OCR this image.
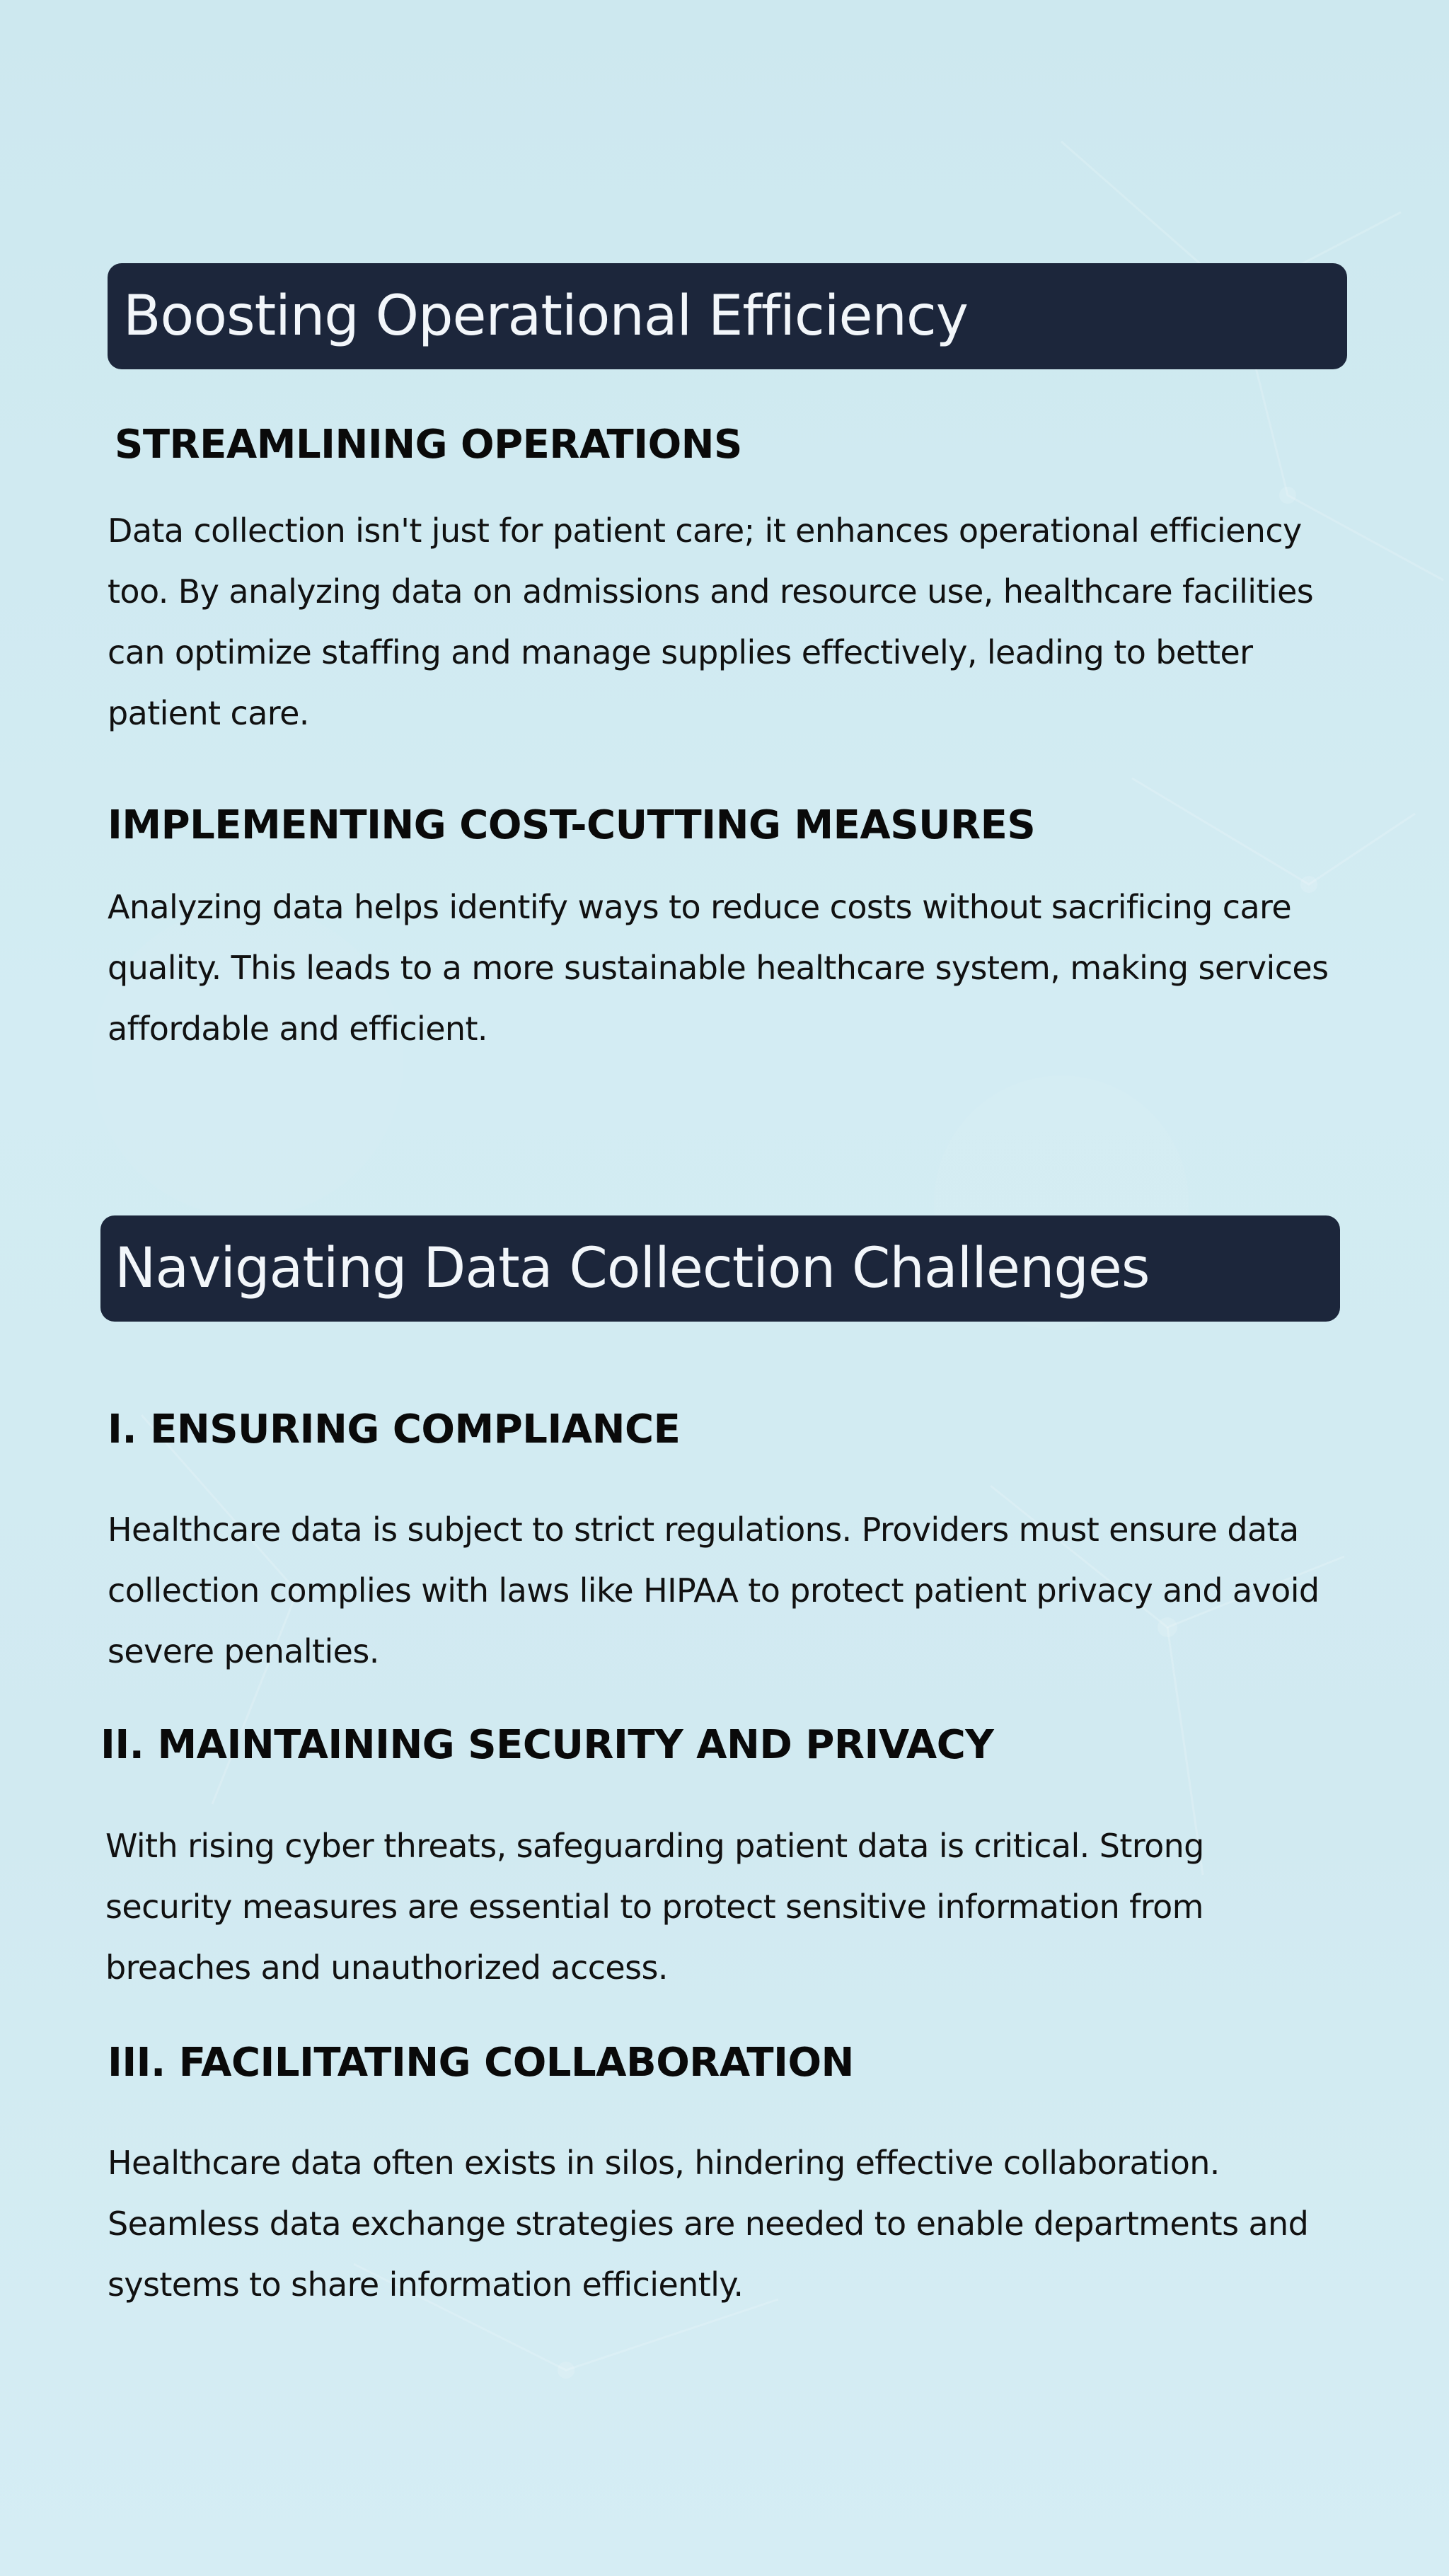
Boosting Operational Efficiency
STREAMLINING OPERATIONS
Data collection isn't just for patient care; it enhances operational efficiency too. By analyzing data on admissions and resource use, healthcare facilities can optimize staffing and manage supplies effectively, leading to better patient care.
IMPLEMENTING COST-CUTTING MEASURES
Analyzing data helps identify ways to reduce costs without sacrificing care quality. This leads to a more sustainable healthcare system, making services affordable and efficient.
Navigating Data Collection Challenges
I. ENSURING COMPLIANCE
Healthcare data is subject to strict regulations. Providers must ensure data collection complies with laws like HIPAA to protect patient privacy and avoid severe penalties.
II. MAINTAINING SECURITY AND PRIVACY
With rising cyber threats, safeguarding patient data is critical. Strong security measures are essential to protect sensitive information from breaches and unauthorized access.
III. FACILITATING COLLABORATION
Healthcare data often exists in silos, hindering effective collaboration. Seamless data exchange strategies are needed to enable departments and systems to share information efficiently.
